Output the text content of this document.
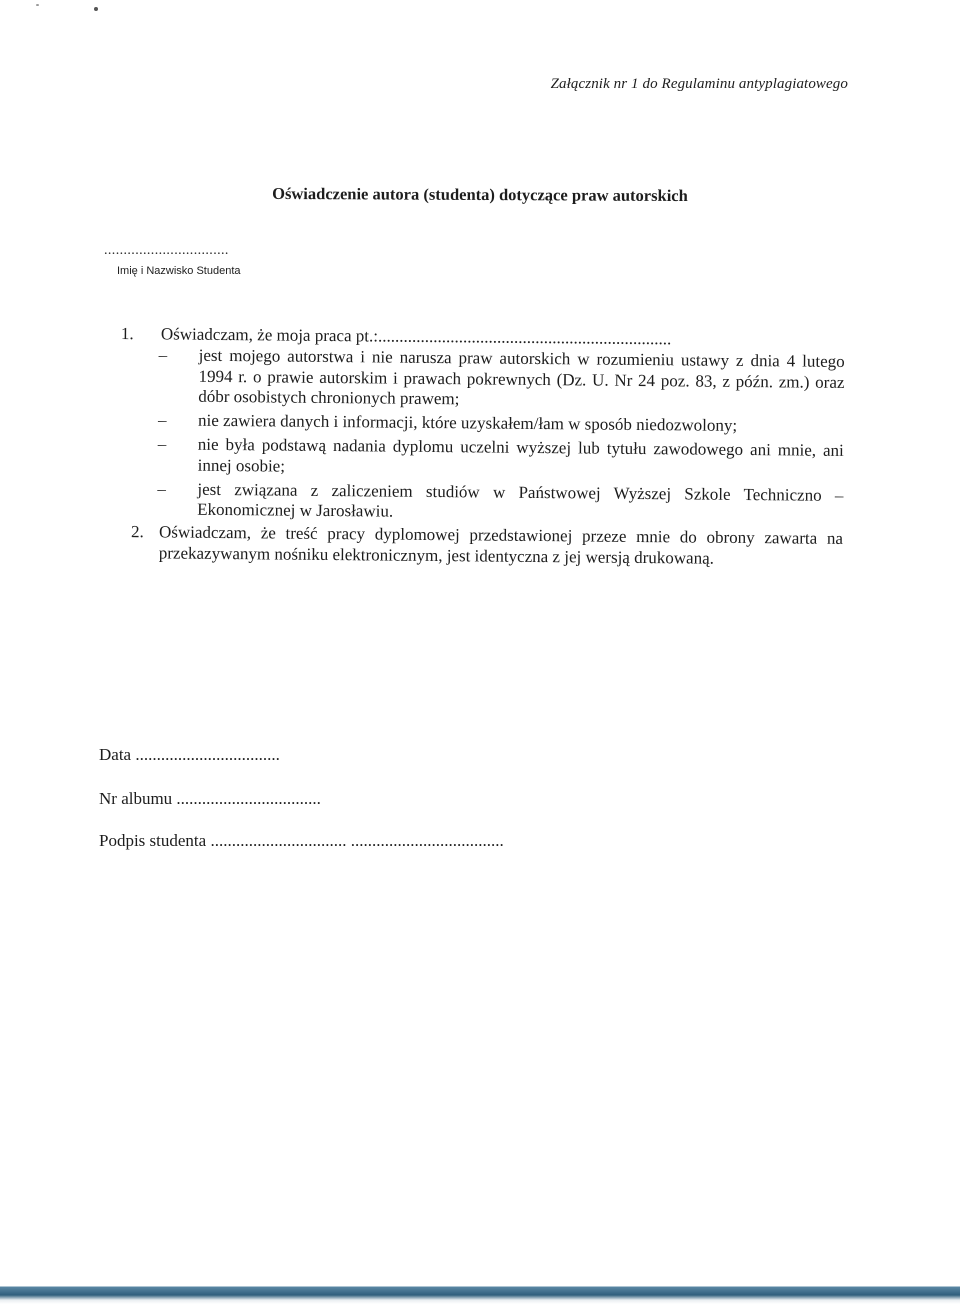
Załącznik nr 1 do Regulaminu antyplagiatowego
Oświadczenie autora (studenta) dotyczące praw autorskich
................................
Imię i Nazwisko Studenta
1.	Oświadczam, że moja praca pt.:.....................................................................
– jest mojego autorstwa i nie narusza praw autorskich w rozumieniu ustawy z dnia 4 lutego 1994 r. o prawie autorskim i prawach pokrewnych (Dz. U. Nr 24 poz. 83, z późn. zm.) oraz dóbr osobistych chronionych prawem;
– nie zawiera danych i informacji, które uzyskałem/łam w sposób niedozwolony;
– nie była podstawą nadania dyplomu uczelni wyższej lub tytułu zawodowego ani mnie, ani innej osobie;
– jest związana z zaliczeniem studiów w Państwowej Wyższej Szkole Techniczno – Ekonomicznej w Jarosławiu.
2. Oświadczam, że treść pracy dyplomowej przedstawionej przeze mnie do obrony zawarta na przekazywanym nośniku elektronicznym, jest identyczna z jej wersją drukowaną.
Data ..................................
Nr albumu ..................................
Podpis studenta ................................ ....................................
